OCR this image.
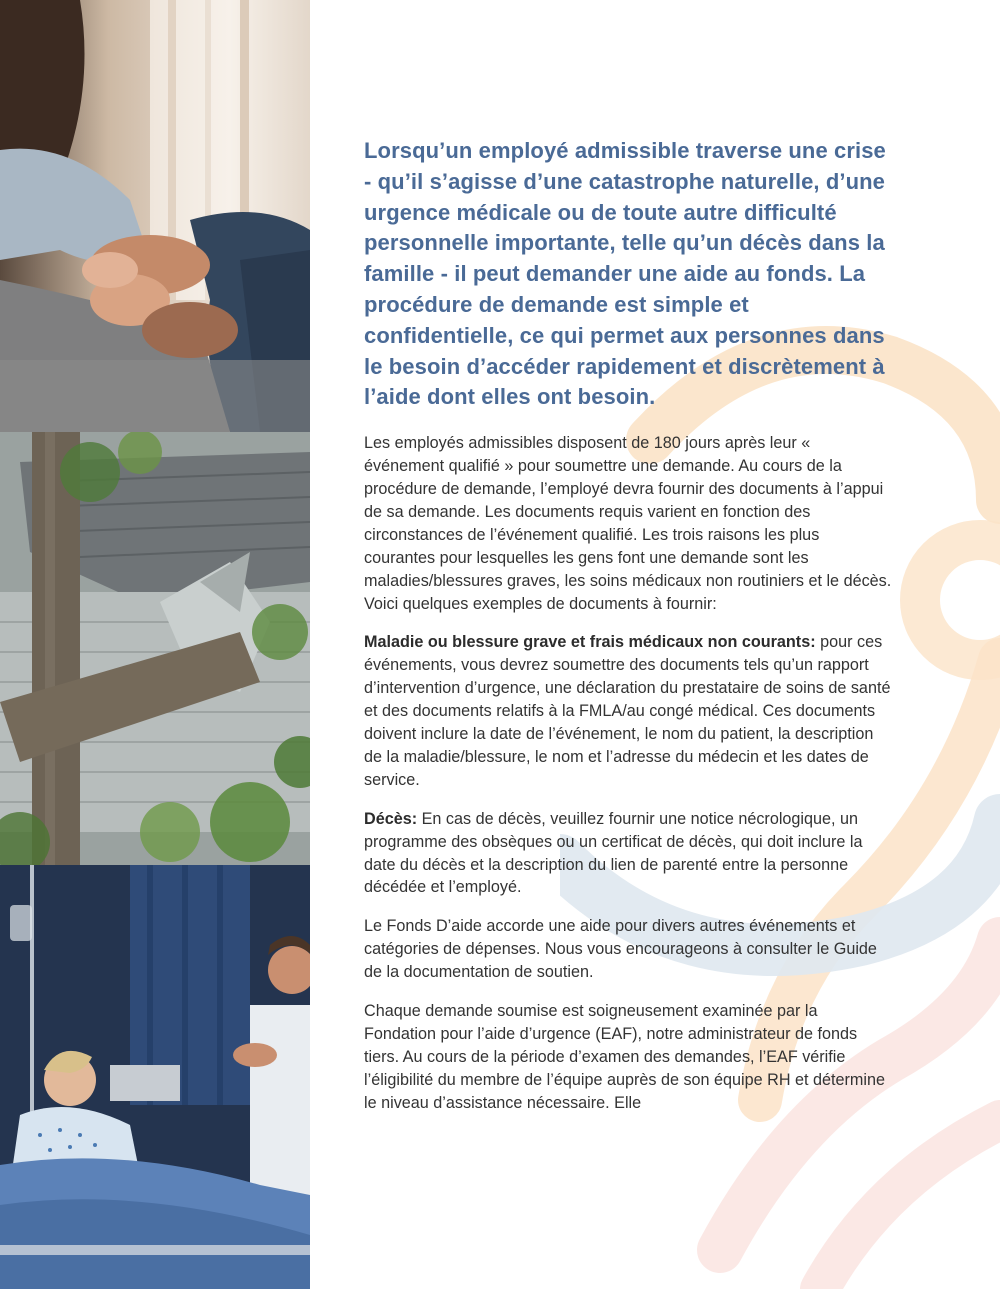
Lorsqu’un employé admissible traverse une crise - qu’il s’agisse d’une catastrophe naturelle, d’une urgence médicale ou de toute autre difficulté personnelle importante, telle qu’un décès dans la famille - il peut demander une aide au fonds. La procédure de demande est simple et confidentielle, ce qui permet aux personnes dans le besoin d’accéder rapidement et discrètement à l’aide dont elles ont besoin.

Les employés admissibles disposent de 180 jours après leur « événement qualifié » pour soumettre une demande. Au cours de la procédure de demande, l’employé devra fournir des documents à l’appui de sa demande. Les documents requis varient en fonction des circonstances de l’événement qualifié. Les trois raisons les plus courantes pour lesquelles les gens font une demande sont les maladies/blessures graves, les soins médicaux non routiniers et le décès. Voici quelques exemples de documents à fournir:

Maladie ou blessure grave et frais médicaux non courants: pour ces événements, vous devrez soumettre des documents tels qu’un rapport d’intervention d’urgence, une déclaration du prestataire de soins de santé et des documents relatifs à la FMLA/au congé médical. Ces documents doivent inclure la date de l’événement, le nom du patient, la description de la maladie/blessure, le nom et l’adresse du médecin et les dates de service.

Décès: En cas de décès, veuillez fournir une notice nécrologique, un programme des obsèques ou un certificat de décès, qui doit inclure la date du décès et la description du lien de parenté entre la personne décédée et l’employé.

Le Fonds D’aide accorde une aide pour divers autres événements et catégories de dépenses. Nous vous encourageons à consulter le Guide de la documentation de soutien.

Chaque demande soumise est soigneusement examinée par la Fondation pour l’aide d’urgence (EAF), notre administrateur de fonds tiers. Au cours de la période d’examen des demandes, l’EAF vérifie l’éligibilité du membre de l’équipe auprès de son équipe RH et détermine le niveau d’assistance nécessaire. Elle
